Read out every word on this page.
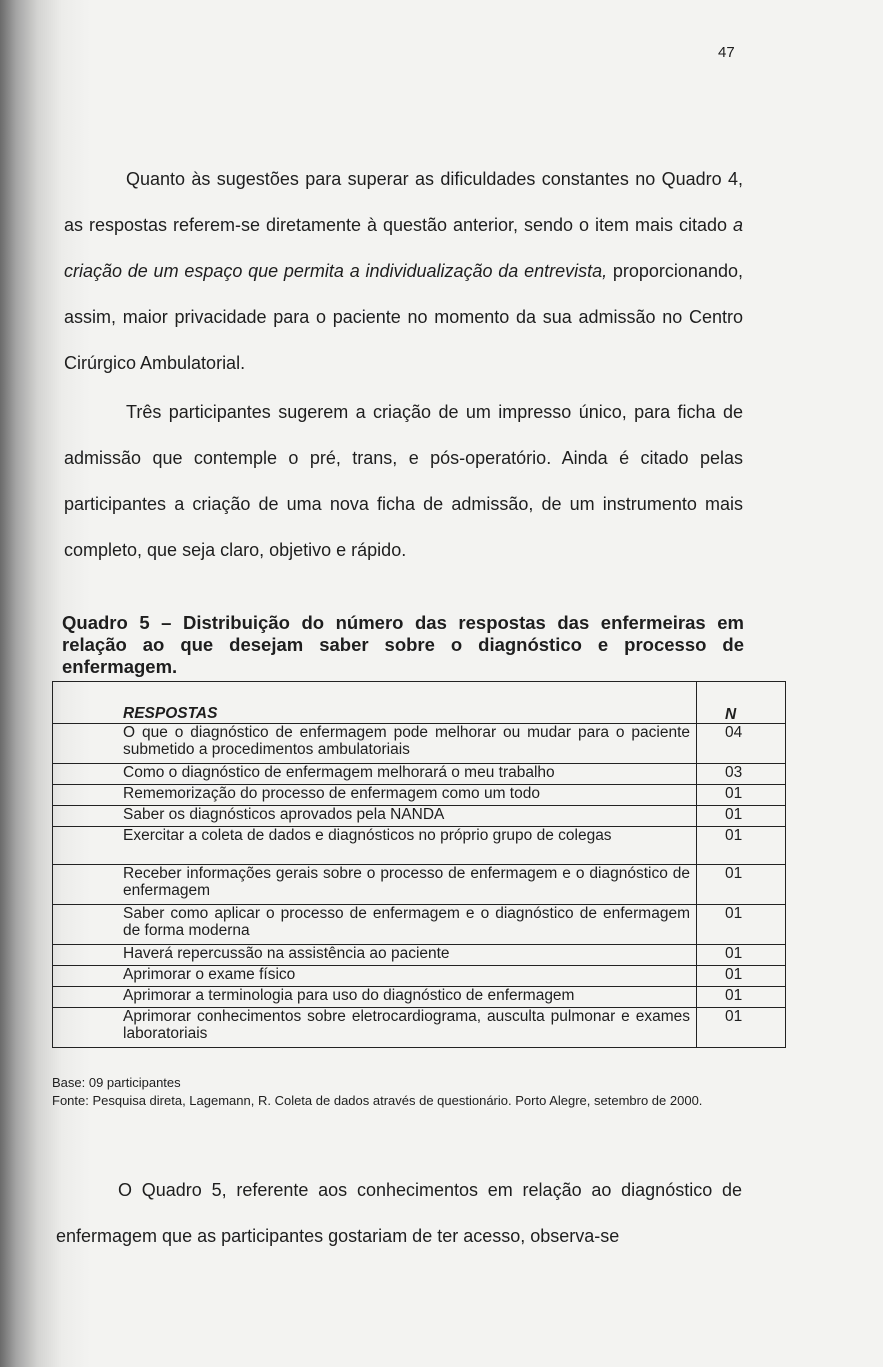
47

Quanto às sugestões para superar as dificuldades constantes no Quadro 4, as respostas referem-se diretamente à questão anterior, sendo o item mais citado a criação de um espaço que permita a individualização da entrevista, proporcionando, assim, maior privacidade para o paciente no momento da sua admissão no Centro Cirúrgico Ambulatorial.

Três participantes sugerem a criação de um impresso único, para ficha de admissão que contemple o pré, trans, e pós-operatório. Ainda é citado pelas participantes a criação de uma nova ficha de admissão, de um instrumento mais completo, que seja claro, objetivo e rápido.

Quadro 5 – Distribuição do número das respostas das enfermeiras em relação ao que desejam saber sobre o diagnóstico e processo de enfermagem.
RESPOSTAS	N
O que o diagnóstico de enfermagem pode melhorar ou mudar para o paciente submetido a procedimentos ambulatoriais	04
Como o diagnóstico de enfermagem melhorará o meu trabalho	03
Rememorização do processo de enfermagem como um todo	01
Saber os diagnósticos aprovados pela NANDA	01
Exercitar a coleta de dados e diagnósticos no próprio grupo de colegas	01
Receber informações gerais sobre o processo de enfermagem e o diagnóstico de enfermagem	01
Saber como aplicar o processo de enfermagem e o diagnóstico de enfermagem de forma moderna	01
Haverá repercussão na assistência ao paciente	01
Aprimorar o exame físico	01
Aprimorar a terminologia para uso do diagnóstico de enfermagem	01
Aprimorar conhecimentos sobre eletrocardiograma, ausculta pulmonar e exames laboratoriais	01
Base: 09 participantes
Fonte: Pesquisa direta, Lagemann, R. Coleta de dados através de questionário. Porto Alegre, setembro de 2000.

O Quadro 5, referente aos conhecimentos em relação ao diagnóstico de enfermagem que as participantes gostariam de ter acesso, observa-se
